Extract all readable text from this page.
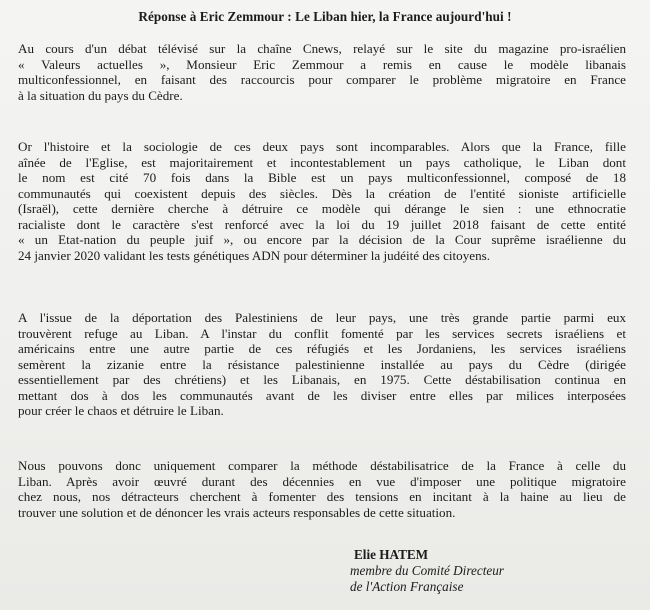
Réponse à Eric Zemmour : Le Liban hier, la France aujourd'hui !
Au cours d'un débat télévisé sur la chaîne Cnews, relayé sur le site du magazine pro-israélien
« Valeurs actuelles », Monsieur Eric Zemmour a remis en cause le modèle libanais
multiconfessionnel, en faisant des raccourcis pour comparer le problème migratoire en France
à la situation du pays du Cèdre.
Or l'histoire et la sociologie de ces deux pays sont incomparables. Alors que la France, fille
aînée de l'Eglise, est majoritairement et incontestablement un pays catholique, le Liban dont
le nom est cité 70 fois dans la Bible est un pays multiconfessionnel, composé de 18
communautés qui coexistent depuis des siècles. Dès la création de l'entité sioniste artificielle
(Israël), cette dernière cherche à détruire ce modèle qui dérange le sien : une ethnocratie
racialiste dont le caractère s'est renforcé avec la loi du 19 juillet 2018 faisant de cette entité
« un Etat-nation du peuple juif », ou encore par la décision de la Cour suprême israélienne du
24 janvier 2020 validant les tests génétiques ADN pour déterminer la judéité des citoyens.
A l'issue de la déportation des Palestiniens de leur pays, une très grande partie parmi eux
trouvèrent refuge au Liban. A l'instar du conflit fomenté par les services secrets israéliens et
américains entre une autre partie de ces réfugiés et les Jordaniens, les services israéliens
semèrent la zizanie entre la résistance palestinienne installée au pays du Cèdre (dirigée
essentiellement par des chrétiens) et les Libanais, en 1975. Cette déstabilisation continua en
mettant dos à dos les communautés avant de les diviser entre elles par milices interposées
pour créer le chaos et détruire le Liban.
Nous pouvons donc uniquement comparer la méthode déstabilisatrice de la France à celle du
Liban. Après avoir œuvré durant des décennies en vue d'imposer une politique migratoire
chez nous, nos détracteurs cherchent à fomenter des tensions en incitant à la haine au lieu de
trouver une solution et de dénoncer les vrais acteurs responsables de cette situation.
Elie HATEM
membre du Comité Directeur
de l'Action Française
